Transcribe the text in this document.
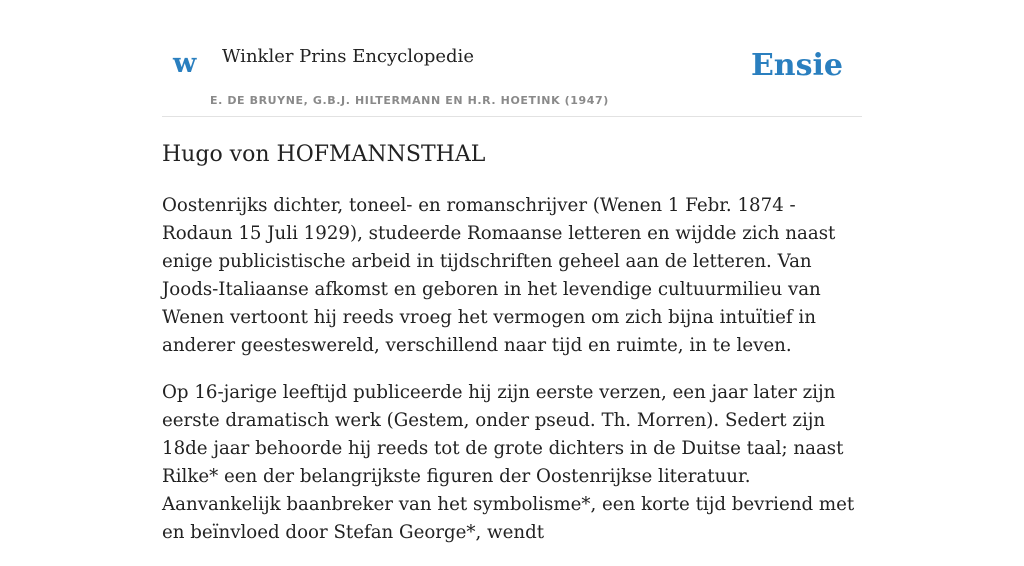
w Winkler Prins Encyclopedie
E. DE BRUYNE, G.B.J. HILTERMANN EN H.R. HOETINK (1947)
Ensie
Hugo von HOFMANNSTHAL

Oostenrijks dichter, toneel- en romanschrijver (Wenen 1 Febr. 1874 - Rodaun 15 Juli 1929), studeerde Romaanse letteren en wijdde zich naast enige publicistische arbeid in tijdschriften geheel aan de letteren. Van Joods-Italiaanse afkomst en geboren in het levendige cultuurmilieu van Wenen vertoont hij reeds vroeg het vermogen om zich bijna intuïtief in anderer geesteswereld, verschillend naar tijd en ruimte, in te leven.

Op 16-jarige leeftijd publiceerde hij zijn eerste verzen, een jaar later zijn eerste dramatisch werk (Gestem, onder pseud. Th. Morren). Sedert zijn 18de jaar behoorde hij reeds tot de grote dichters in de Duitse taal; naast Rilke* een der belangrijkste figuren der Oostenrijkse literatuur. Aanvankelijk baanbreker van het symbolisme*, een korte tijd bevriend met en beïnvloed door Stefan George*, wendt
